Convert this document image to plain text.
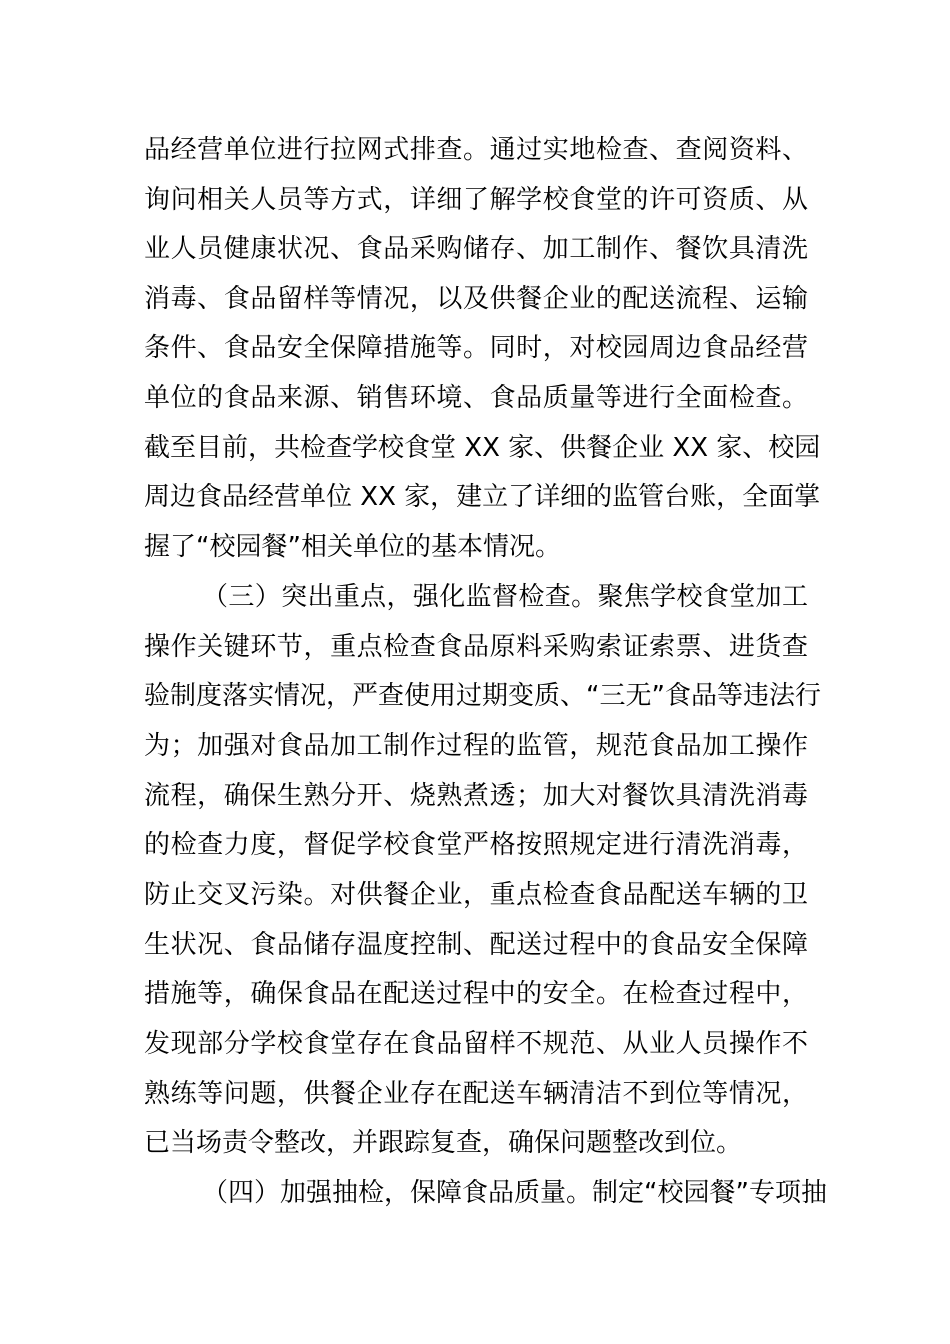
品经营单位进行拉网式排查。通过实地检查、查阅资料、
询问相关人员等方式，详细了解学校食堂的许可资质、从
业人员健康状况、食品采购储存、加工制作、餐饮具清洗
消毒、食品留样等情况，以及供餐企业的配送流程、运输
条件、食品安全保障措施等。同时，对校园周边食品经营
单位的食品来源、销售环境、食品质量等进行全面检查。
截至目前，共检查学校食堂 XX 家、供餐企业 XX 家、校园
周边食品经营单位 XX 家，建立了详细的监管台账，全面掌
握了“校园餐”相关单位的基本情况。
（三）突出重点，强化监督检查。聚焦学校食堂加工
操作关键环节，重点检查食品原料采购索证索票、进货查
验制度落实情况，严查使用过期变质、“三无”食品等违法行
为；加强对食品加工制作过程的监管，规范食品加工操作
流程，确保生熟分开、烧熟煮透；加大对餐饮具清洗消毒
的检查力度，督促学校食堂严格按照规定进行清洗消毒，
防止交叉污染。对供餐企业，重点检查食品配送车辆的卫
生状况、食品储存温度控制、配送过程中的食品安全保障
措施等，确保食品在配送过程中的安全。在检查过程中，
发现部分学校食堂存在食品留样不规范、从业人员操作不
熟练等问题，供餐企业存在配送车辆清洁不到位等情况，
已当场责令整改，并跟踪复查，确保问题整改到位。
（四）加强抽检，保障食品质量。制定“校园餐”专项抽
